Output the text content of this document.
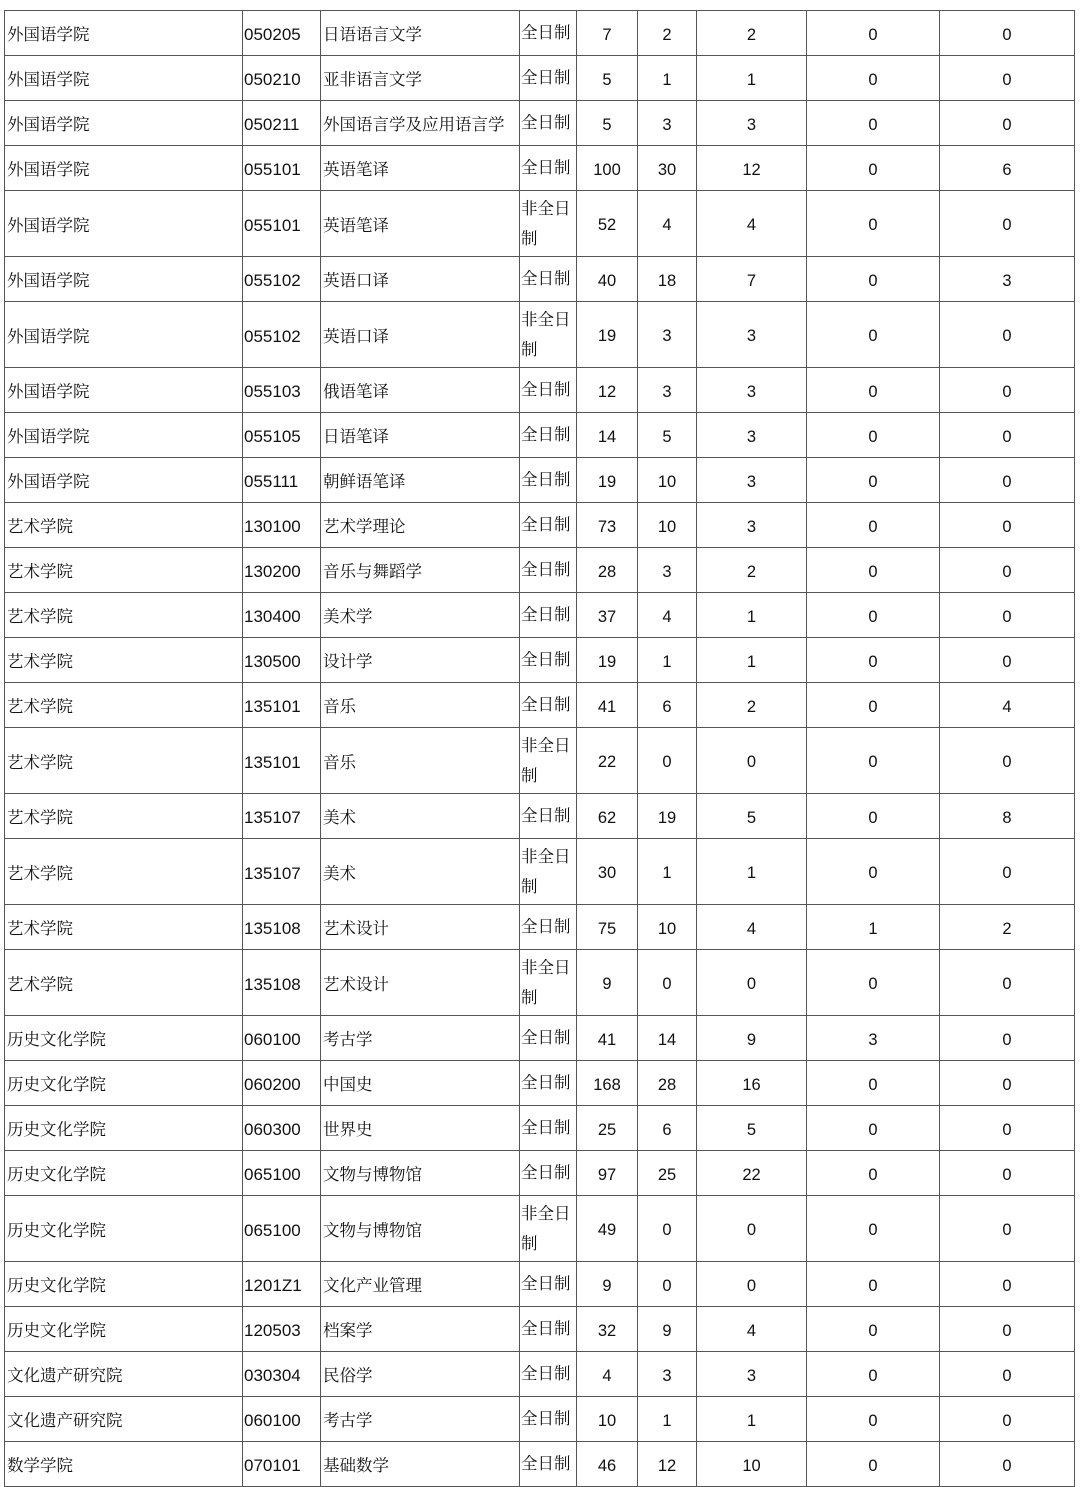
外国语学院	050205	日语语言文学	全日制	7	2	2	0	0
外国语学院	050210	亚非语言文学	全日制	5	1	1	0	0
外国语学院	050211	外国语言学及应用语言学	全日制	5	3	3	0	0
外国语学院	055101	英语笔译	全日制	100	30	12	0	6
外国语学院	055101	英语笔译	非全日制	52	4	4	0	0
外国语学院	055102	英语口译	全日制	40	18	7	0	3
外国语学院	055102	英语口译	非全日制	19	3	3	0	0
外国语学院	055103	俄语笔译	全日制	12	3	3	0	0
外国语学院	055105	日语笔译	全日制	14	5	3	0	0
外国语学院	055111	朝鲜语笔译	全日制	19	10	3	0	0
艺术学院	130100	艺术学理论	全日制	73	10	3	0	0
艺术学院	130200	音乐与舞蹈学	全日制	28	3	2	0	0
艺术学院	130400	美术学	全日制	37	4	1	0	0
艺术学院	130500	设计学	全日制	19	1	1	0	0
艺术学院	135101	音乐	全日制	41	6	2	0	4
艺术学院	135101	音乐	非全日制	22	0	0	0	0
艺术学院	135107	美术	全日制	62	19	5	0	8
艺术学院	135107	美术	非全日制	30	1	1	0	0
艺术学院	135108	艺术设计	全日制	75	10	4	1	2
艺术学院	135108	艺术设计	非全日制	9	0	0	0	0
历史文化学院	060100	考古学	全日制	41	14	9	3	0
历史文化学院	060200	中国史	全日制	168	28	16	0	0
历史文化学院	060300	世界史	全日制	25	6	5	0	0
历史文化学院	065100	文物与博物馆	全日制	97	25	22	0	0
历史文化学院	065100	文物与博物馆	非全日制	49	0	0	0	0
历史文化学院	1201Z1	文化产业管理	全日制	9	0	0	0	0
历史文化学院	120503	档案学	全日制	32	9	4	0	0
文化遗产研究院	030304	民俗学	全日制	4	3	3	0	0
文化遗产研究院	060100	考古学	全日制	10	1	1	0	0
数学学院	070101	基础数学	全日制	46	12	10	0	0
